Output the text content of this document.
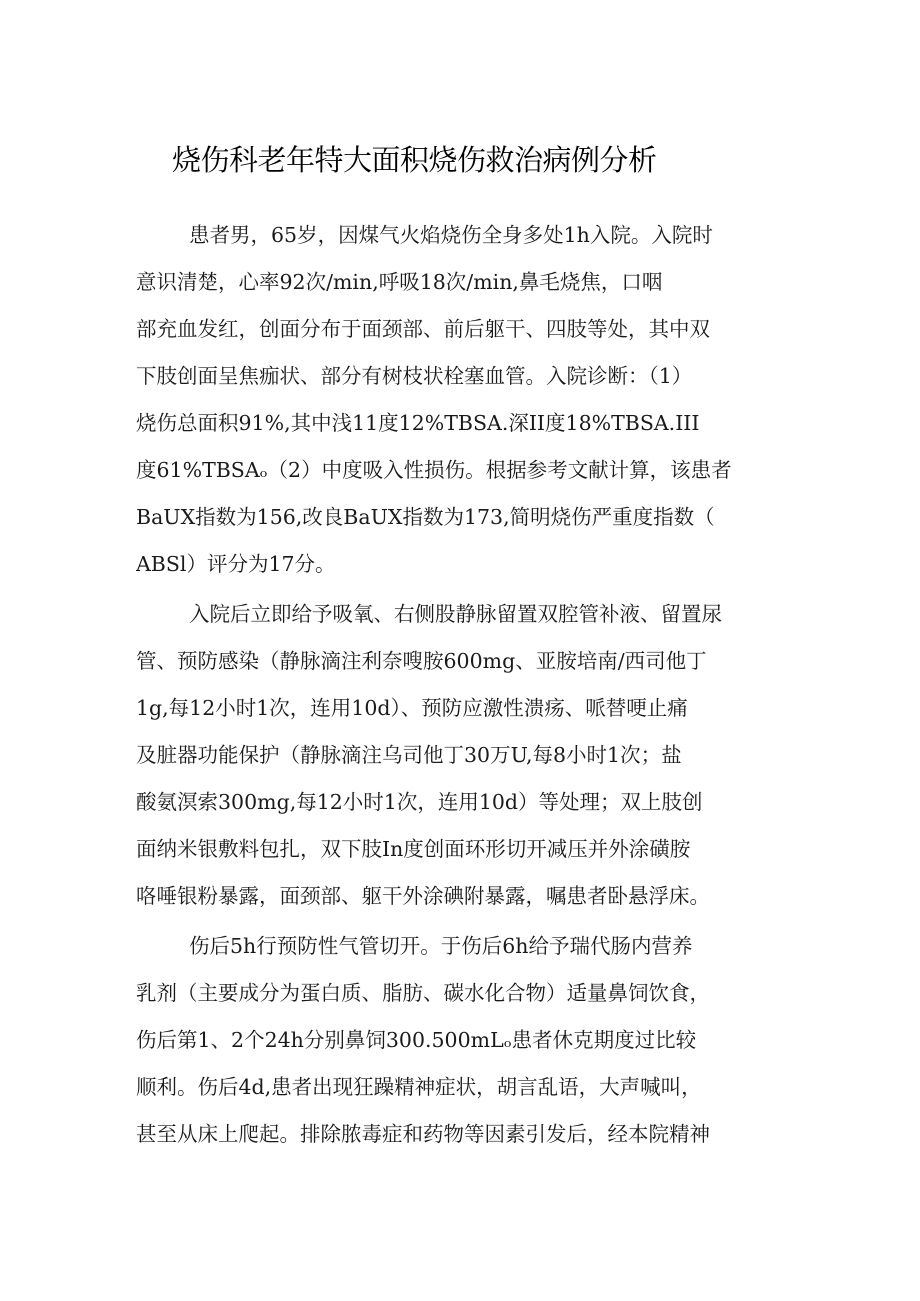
烧伤科老年特大面积烧伤救治病例分析

患者男，65岁，因煤气火焰烧伤全身多处1h入院。入院时
意识清楚，心率92次/min,呼吸18次/min,鼻毛烧焦，口咽
部充血发红，创面分布于面颈部、前后躯干、四肢等处，其中双
下肢创面呈焦痂状、部分有树枝状栓塞血管。入院诊断：（1）
烧伤总面积91%,其中浅11度12%TBSA.深II度18%TBSA.III
度61%TBSAₒ（2）中度吸入性损伤。根据参考文献计算，该患者
BaUX指数为156,改良BaUX指数为173,简明烧伤严重度指数（
ABSl）评分为17分。

入院后立即给予吸氧、右侧股静脉留置双腔管补液、留置尿
管、预防感染（静脉滴注利奈嗖胺600mg、亚胺培南/西司他丁
1g,每12小时1次，连用10d）、预防应激性溃疡、哌替哽止痛
及脏器功能保护（静脉滴注乌司他丁30万U,每8小时1次；盐
酸氨溟索300mg,每12小时1次，连用10d）等处理；双上肢创
面纳米银敷料包扎，双下肢In度创面环形切开减压并外涂磺胺
咯唾银粉暴露，面颈部、躯干外涂碘附暴露，嘱患者卧悬浮床。

伤后5h行预防性气管切开。于伤后6h给予瑞代肠内营养
乳剂（主要成分为蛋白质、脂肪、碳水化合物）适量鼻饲饮食，
伤后第1、2个24h分别鼻饲300.500mLₒ患者休克期度过比较
顺利。伤后4d,患者出现狂躁精神症状，胡言乱语，大声喊叫，
甚至从床上爬起。排除脓毒症和药物等因素引发后，经本院精神
